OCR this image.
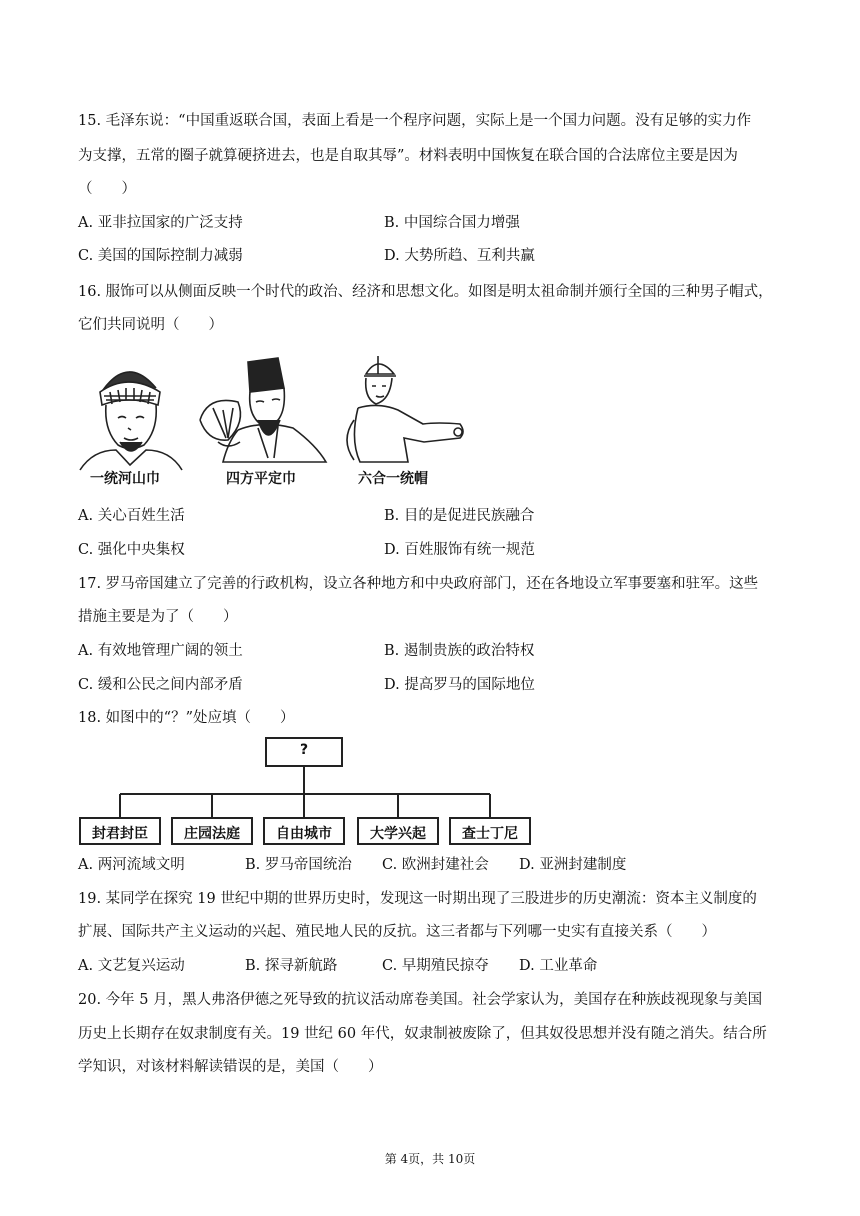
15. 毛泽东说：“中国重返联合国，表面上看是一个程序问题，实际上是一个国力问题。没有足够的实力作
为支撑，五常的圈子就算硬挤进去，也是自取其辱”。材料表明中国恢复在联合国的合法席位主要是因为
（　　）
A. 亚非拉国家的广泛支持	B. 中国综合国力增强
C. 美国的国际控制力减弱	D. 大势所趋、互利共赢
16. 服饰可以从侧面反映一个时代的政治、经济和思想文化。如图是明太祖命制并颁行全国的三种男子帽式，
它们共同说明（　　）
一统河山巾	四方平定巾	六合一统帽
A. 关心百姓生活	B. 目的是促进民族融合
C. 强化中央集权	D. 百姓服饰有统一规范
17. 罗马帝国建立了完善的行政机构，设立各种地方和中央政府部门，还在各地设立军事要塞和驻军。这些
措施主要是为了（　　）
A. 有效地管理广阔的领土	B. 遏制贵族的政治特权
C. 缓和公民之间内部矛盾	D. 提高罗马的国际地位
18. 如图中的“？”处应填（　　）
?
封君封臣	庄园法庭	自由城市	大学兴起	查士丁尼
A. 两河流域文明	B. 罗马帝国统治 C. 欧洲封建社会 D. 亚洲封建制度
19. 某同学在探究 19 世纪中期的世界历史时，发现这一时期出现了三股进步的历史潮流：资本主义制度的
扩展、国际共产主义运动的兴起、殖民地人民的反抗。这三者都与下列哪一史实有直接关系（　　）
A. 文艺复兴运动	B. 探寻新航路	C. 早期殖民掠夺 D. 工业革命
20. 今年 5 月，黑人弗洛伊德之死导致的抗议活动席卷美国。社会学家认为，美国存在种族歧视现象与美国
历史上长期存在奴隶制度有关。19 世纪 60 年代，奴隶制被废除了，但其奴役思想并没有随之消失。结合所
学知识，对该材料解读错误的是，美国（　　）
第 4页，共 10页
